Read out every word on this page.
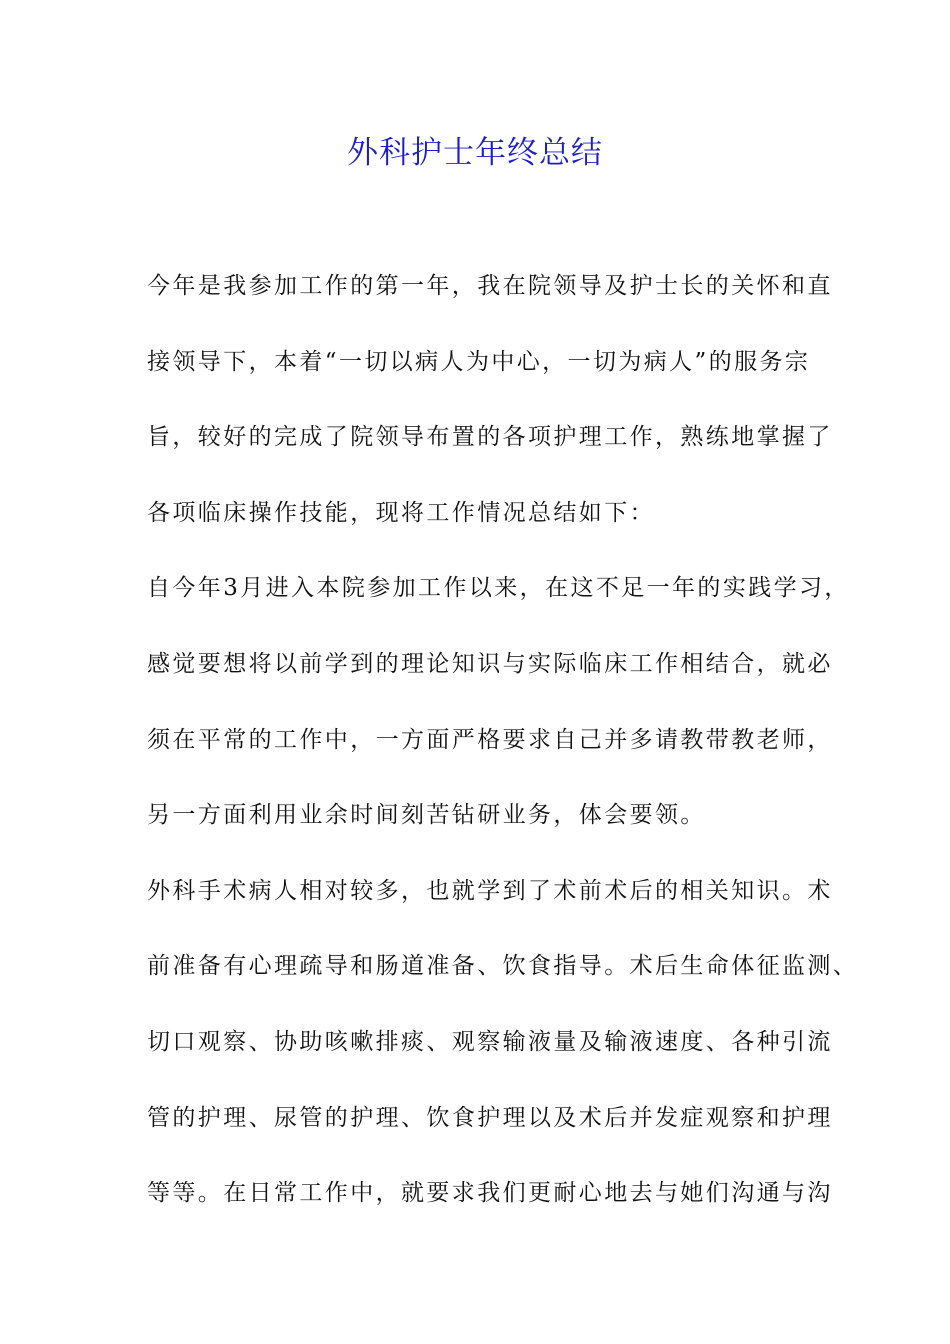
外科护士年终总结
今年是我参加工作的第一年，我在院领导及护士长的关怀和直
接领导下，本着“一切以病人为中心，一切为病人”的服务宗
旨，较好的完成了院领导布置的各项护理工作，熟练地掌握了
各项临床操作技能，现将工作情况总结如下：
自今年3月进入本院参加工作以来，在这不足一年的实践学习，
感觉要想将以前学到的理论知识与实际临床工作相结合，就必
须在平常的工作中，一方面严格要求自己并多请教带教老师，
另一方面利用业余时间刻苦钻研业务，体会要领。
外科手术病人相对较多，也就学到了术前术后的相关知识。术
前准备有心理疏导和肠道准备、饮食指导。术后生命体征监测、
切口观察、协助咳嗽排痰、观察输液量及输液速度、各种引流
管的护理、尿管的护理、饮食护理以及术后并发症观察和护理
等等。在日常工作中，就要求我们更耐心地去与她们沟通与沟
